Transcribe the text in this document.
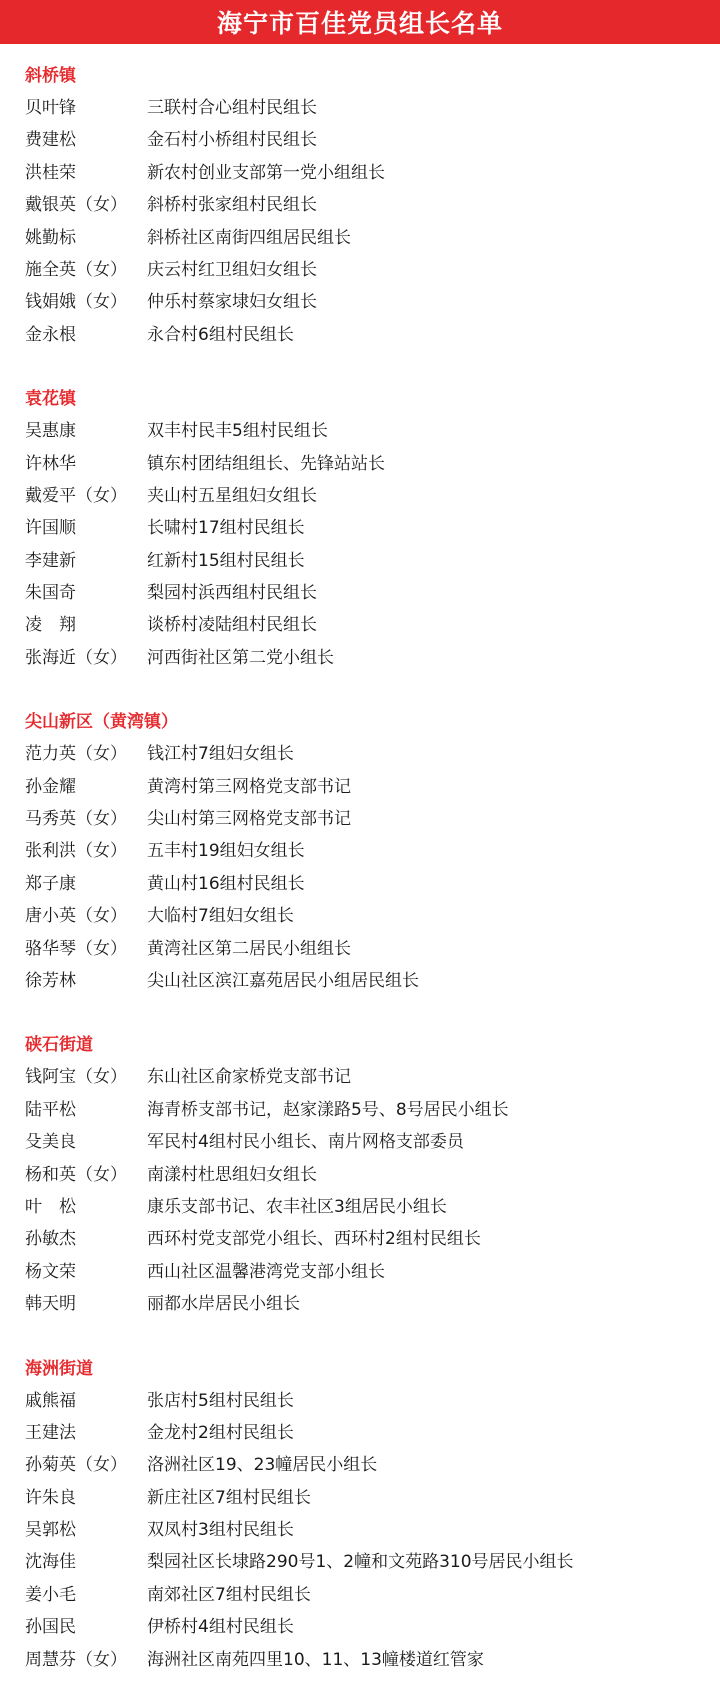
海宁市百佳党员组长名单
斜桥镇
贝叶锋	三联村合心组村民组长
费建松	金石村小桥组村民组长
洪桂荣	新农村创业支部第一党小组组长
戴银英（女）	斜桥村张家组村民组长
姚勤标	斜桥社区南街四组居民组长
施全英（女）	庆云村红卫组妇女组长
钱娟娥（女）	仲乐村蔡家埭妇女组长
金永根	永合村6组村民组长
袁花镇
吴惠康	双丰村民丰5组村民组长
许林华	镇东村团结组组长、先锋站站长
戴爱平（女）	夹山村五星组妇女组长
许国顺	长啸村17组村民组长
李建新	红新村15组村民组长
朱国奇	梨园村浜西组村民组长
凌　翔	谈桥村凌陆组村民组长
张海近（女）	河西街社区第二党小组长
尖山新区（黄湾镇）
范力英（女）	钱江村7组妇女组长
孙金耀	黄湾村第三网格党支部书记
马秀英（女）	尖山村第三网格党支部书记
张利洪（女）	五丰村19组妇女组长
郑子康	黄山村16组村民组长
唐小英（女）	大临村7组妇女组长
骆华琴（女）	黄湾社区第二居民小组组长
徐芳林	尖山社区滨江嘉苑居民小组居民组长
硖石街道
钱阿宝（女）	东山社区俞家桥党支部书记
陆平松	海青桥支部书记，赵家漾路5号、8号居民小组长
殳美良	军民村4组村民小组长、南片网格支部委员
杨和英（女）	南漾村杜思组妇女组长
叶　松	康乐支部书记、农丰社区3组居民小组长
孙敏杰	西环村党支部党小组长、西环村2组村民组长
杨文荣	西山社区温馨港湾党支部小组长
韩天明	丽都水岸居民小组长
海洲街道
戚熊福	张店村5组村民组长
王建法	金龙村2组村民组长
孙菊英（女）	洛洲社区19、23幢居民小组长
许朱良	新庄社区7组村民组长
吴郭松	双凤村3组村民组长
沈海佳	梨园社区长埭路290号1、2幢和文苑路310号居民小组长
姜小毛	南郊社区7组村民组长
孙国民	伊桥村4组村民组长
周慧芬（女）	海洲社区南苑四里10、11、13幢楼道红管家
